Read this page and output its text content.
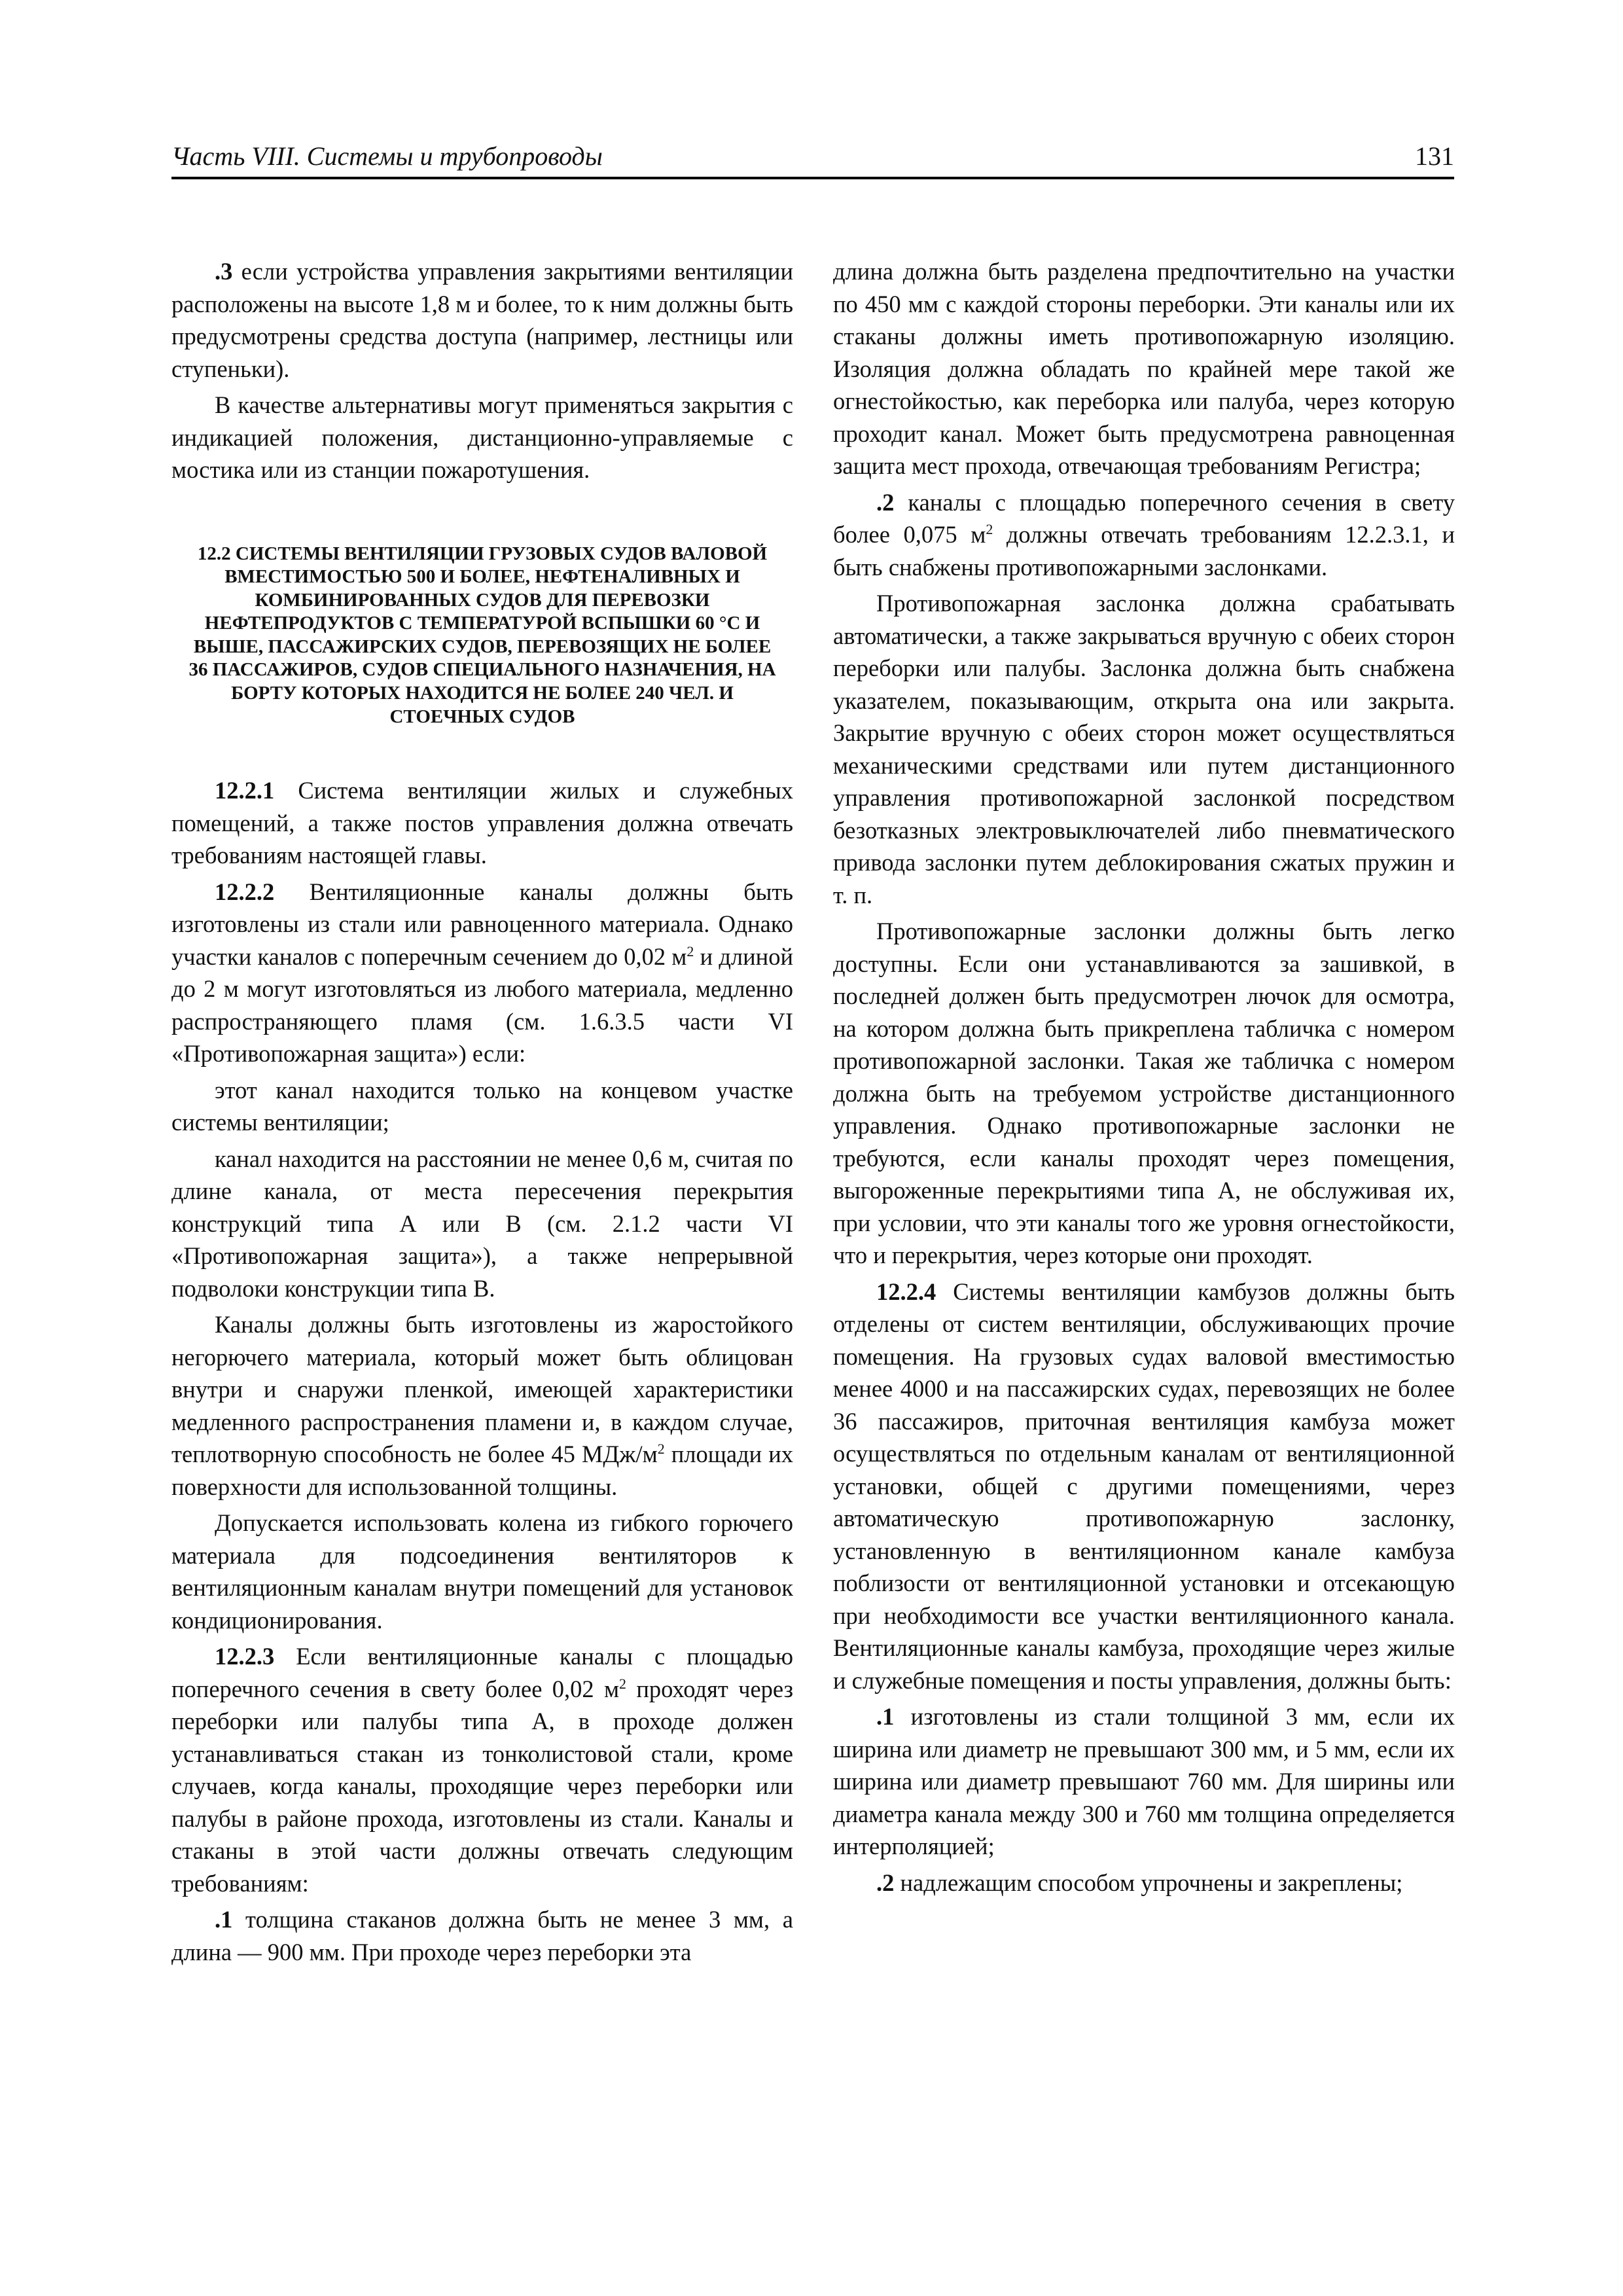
Часть VIII. Системы и трубопроводы	131

.3 если устройства управления закрытиями вентиляции расположены на высоте 1,8 м и более, то к ним должны быть предусмотрены средства доступа (например, лестницы или ступеньки).

В качестве альтернативы могут применяться закрытия с индикацией положения, дистанционно-управляемые с мостика или из станции пожаротушения.

12.2 СИСТЕМЫ ВЕНТИЛЯЦИИ ГРУЗОВЫХ СУДОВ ВАЛОВОЙ ВМЕСТИМОСТЬЮ 500 И БОЛЕЕ, НЕФТЕНАЛИВНЫХ И КОМБИНИРОВАННЫХ СУДОВ ДЛЯ ПЕРЕВОЗКИ НЕФТЕПРОДУКТОВ С ТЕМПЕРАТУРОЙ ВСПЫШКИ 60 °С И ВЫШЕ, ПАССАЖИРСКИХ СУДОВ, ПЕРЕВОЗЯЩИХ НЕ БОЛЕЕ 36 ПАССАЖИРОВ, СУДОВ СПЕЦИАЛЬНОГО НАЗНАЧЕНИЯ, НА БОРТУ КОТОРЫХ НАХОДИТСЯ НЕ БОЛЕЕ 240 ЧЕЛ. И СТОЕЧНЫХ СУДОВ

12.2.1 Система вентиляции жилых и служебных помещений, а также постов управления должна отвечать требованиям настоящей главы.

12.2.2 Вентиляционные каналы должны быть изготовлены из стали или равноценного материала. Однако участки каналов с поперечным сечением до 0,02 $м^2$ и длиной до 2 м могут изготовляться из любого материала, медленно распространяющего пламя (см. 1.6.3.5 части VI «Противопожарная защита») если:

этот канал находится только на концевом участке системы вентиляции;

канал находится на расстоянии не менее 0,6 м, считая по длине канала, от места пересечения перекрытия конструкций типа А или В (см. 2.1.2 части VI «Противопожарная защита»), а также непрерывной подволоки конструкции типа В.

Каналы должны быть изготовлены из жаростойкого негорючего материала, который может быть облицован внутри и снаружи пленкой, имеющей характеристики медленного распространения пламени и, в каждом случае, теплотворную способность не более 45 МДж/$м^2$ площади их поверхности для использованной толщины.

Допускается использовать колена из гибкого горючего материала для подсоединения вентиляторов к вентиляционным каналам внутри помещений для установок кондиционирования.

12.2.3 Если вентиляционные каналы с площадью поперечного сечения в свету более 0,02 $м^2$ проходят через переборки или палубы типа А, в проходе должен устанавливаться стакан из тонколистовой стали, кроме случаев, когда каналы, проходящие через переборки или палубы в районе прохода, изготовлены из стали. Каналы и стаканы в этой части должны отвечать следующим требованиям:

.1 толщина стаканов должна быть не менее 3 мм, а длина — 900 мм. При проходе через переборки эта

длина должна быть разделена предпочтительно на участки по 450 мм с каждой стороны переборки. Эти каналы или их стаканы должны иметь противопожарную изоляцию. Изоляция должна обладать по крайней мере такой же огнестойкостью, как переборка или палуба, через которую проходит канал. Может быть предусмотрена равноценная защита мест прохода, отвечающая требованиям Регистра;

.2 каналы с площадью поперечного сечения в свету более 0,075 $м^2$ должны отвечать требованиям 12.2.3.1, и быть снабжены противопожарными заслонками.

Противопожарная заслонка должна срабатывать автоматически, а также закрываться вручную с обеих сторон переборки или палубы. Заслонка должна быть снабжена указателем, показывающим, открыта она или закрыта. Закрытие вручную с обеих сторон может осуществляться механическими средствами или путем дистанционного управления противопожарной заслонкой посредством безотказных электровыключателей либо пневматического привода заслонки путем деблокирования сжатых пружин и т. п.

Противопожарные заслонки должны быть легко доступны. Если они устанавливаются за зашивкой, в последней должен быть предусмотрен лючок для осмотра, на котором должна быть прикреплена табличка с номером противопожарной заслонки. Такая же табличка с номером должна быть на требуемом устройстве дистанционного управления. Однако противопожарные заслонки не требуются, если каналы проходят через помещения, выгороженные перекрытиями типа А, не обслуживая их, при условии, что эти каналы того же уровня огнестойкости, что и перекрытия, через которые они проходят.

12.2.4 Системы вентиляции камбузов должны быть отделены от систем вентиляции, обслуживающих прочие помещения. На грузовых судах валовой вместимостью менее 4000 и на пассажирских судах, перевозящих не более 36 пассажиров, приточная вентиляция камбуза может осуществляться по отдельным каналам от вентиляционной установки, общей с другими помещениями, через автоматическую противопожарную заслонку, установленную в вентиляционном канале камбуза поблизости от вентиляционной установки и отсекающую при необходимости все участки вентиляционного канала. Вентиляционные каналы камбуза, проходящие через жилые и служебные помещения и посты управления, должны быть:

.1 изготовлены из стали толщиной 3 мм, если их ширина или диаметр не превышают 300 мм, и 5 мм, если их ширина или диаметр превышают 760 мм. Для ширины или диаметра канала между 300 и 760 мм толщина определяется интерполяцией;

.2 надлежащим способом упрочнены и закреплены;
